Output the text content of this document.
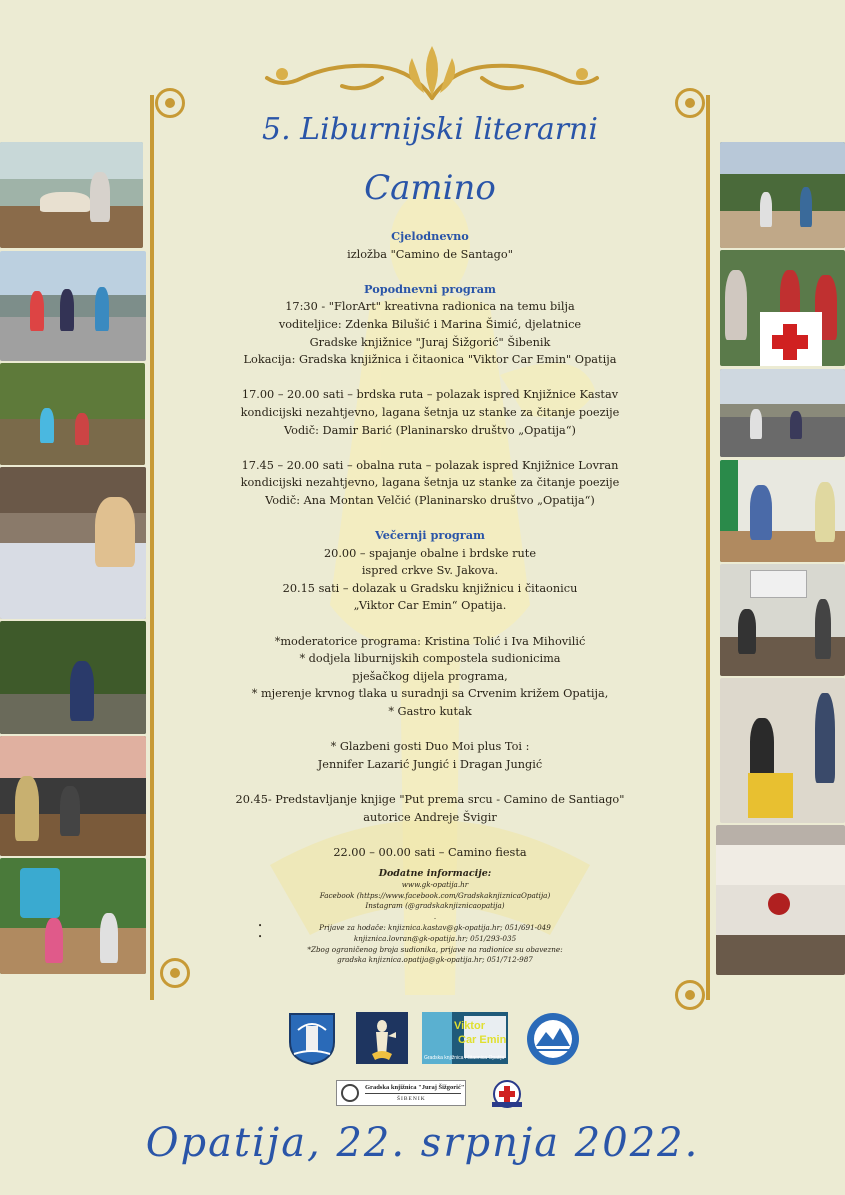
5. Liburnijski literarni
Camino
Cjelodnevno
izložba "Camino de Santago"
Popodnevni program
17:30 - "FlorArt" kreativna radionica na temu bilja
voditeljice: Zdenka Bilušić i Marina Šimić, djelatnice
Gradske knjižnice "Juraj Šižgorić" Šibenik
Lokacija: Gradska knjižnica i čitaonica "Viktor Car Emin" Opatija
17.00 – 20.00 sati – brdska ruta – polazak ispred Knjižnice Kastav
kondicijski nezahtjevno, lagana šetnja uz stanke za čitanje poezije
Vodič: Damir Barić (Planinarsko društvo „Opatija“)
17.45 – 20.00 sati – obalna ruta – polazak ispred Knjižnice Lovran
kondicijski nezahtjevno, lagana šetnja uz stanke za čitanje poezije
Vodič: Ana Montan Velčić (Planinarsko društvo „Opatija“)
Večernji program
20.00 – spajanje obalne i brdske rute
ispred crkve Sv. Jakova.
20.15 sati – dolazak u Gradsku knjižnicu i čitaonicu
„Viktor Car Emin“ Opatija.
*moderatorice programa: Kristina Tolić i Iva Mihovilić
* dodjela liburnijskih compostela sudionicima
pješačkog dijela programa,
* mjerenje krvnog tlaka u suradnji sa Crvenim križem Opatija,
* Gastro kutak
* Glazbeni gosti Duo Moi plus Toi :
Jennifer Lazarić Jungić i Dragan Jungić
20.45- Predstavljanje knjige "Put prema srcu - Camino de Santiago"
autorice Andreje Švigir
22.00 – 00.00 sati – Camino fiesta
Dodatne informacije:
www.gk-opatija.hr
Facebook (https://www.facebook.com/GradskaknjiznicaOpatija)
Instagram (@gradskaknjiznicaopatija)
.
Prijave za hodače: knjiznica.kastav@gk-opatija.hr; 051/691-049
knjiznica.lovran@gk-opatija.hr; 051/293-035
*Zbog ograničenog broja sudionika, prijave na radionice su obavezne:
gradska knjiznica.opatija@gk-opatija.hr; 051/712-987
•
•
Viktor
Car Emin
Gradska knjižnica i čitaonica Opatija
Gradska knjižnica "Juraj Šižgorić"
ŠIBENIK
Opatija, 22. srpnja 2022.
